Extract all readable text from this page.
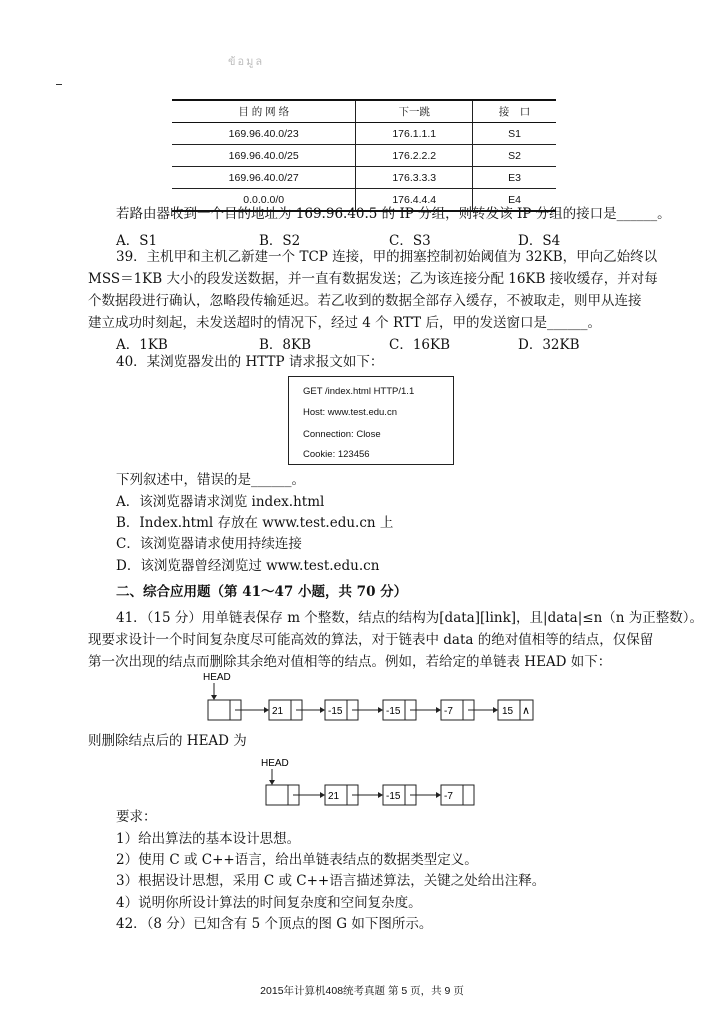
ข้อมูล
目 的 网 络	下一跳	接　口
169.96.40.0/23	176.1.1.1	S1
169.96.40.0/25	176.2.2.2	S2
169.96.40.0/27	176.3.3.3	E3
0.0.0.0/0	176.4.4.4	E4
若路由器收到一个目的地址为 169.96.40.5 的 IP 分组，则转发该 IP 分组的接口是______。
A．S1	B．S2	C．S3	D．S4
39．主机甲和主机乙新建一个 TCP 连接，甲的拥塞控制初始阈值为 32KB，甲向乙始终以
MSS＝1KB 大小的段发送数据，并一直有数据发送；乙为该连接分配 16KB 接收缓存，并对每
个数据段进行确认，忽略段传输延迟。若乙收到的数据全部存入缓存，不被取走，则甲从连接
建立成功时刻起，未发送超时的情况下，经过 4 个 RTT 后，甲的发送窗口是______。
A．1KB	B．8KB	C．16KB	D．32KB
40．某浏览器发出的 HTTP 请求报文如下：
GET /index.html HTTP/1.1
Host: www.test.edu.cn
Connection: Close
Cookie: 123456
下列叙述中，错误的是______。
A．该浏览器请求浏览 index.html
B．Index.html 存放在 www.test.edu.cn 上
C．该浏览器请求使用持续连接
D．该浏览器曾经浏览过 www.test.edu.cn
二、综合应用题（第 41～47 小题，共 70 分）
41．（15 分）用单链表保存 m 个整数，结点的结构为[data][link]，且|data|≤n（n 为正整数）。
现要求设计一个时间复杂度尽可能高效的算法，对于链表中 data 的绝对值相等的结点，仅保留
第一次出现的结点而删除其余绝对值相等的结点。例如，若给定的单链表 HEAD 如下：
HEAD
21	-15	-15	-7	15 ∧
则删除结点后的 HEAD 为
HEAD
21	-15	-7
要求：
1）给出算法的基本设计思想。
2）使用 C 或 C++语言，给出单链表结点的数据类型定义。
3）根据设计思想，采用 C 或 C++语言描述算法，关键之处给出注释。
4）说明你所设计算法的时间复杂度和空间复杂度。
42．（8 分）已知含有 5 个顶点的图 G 如下图所示。
2015年计算机408统考真题 第 5 页，共 9 页
